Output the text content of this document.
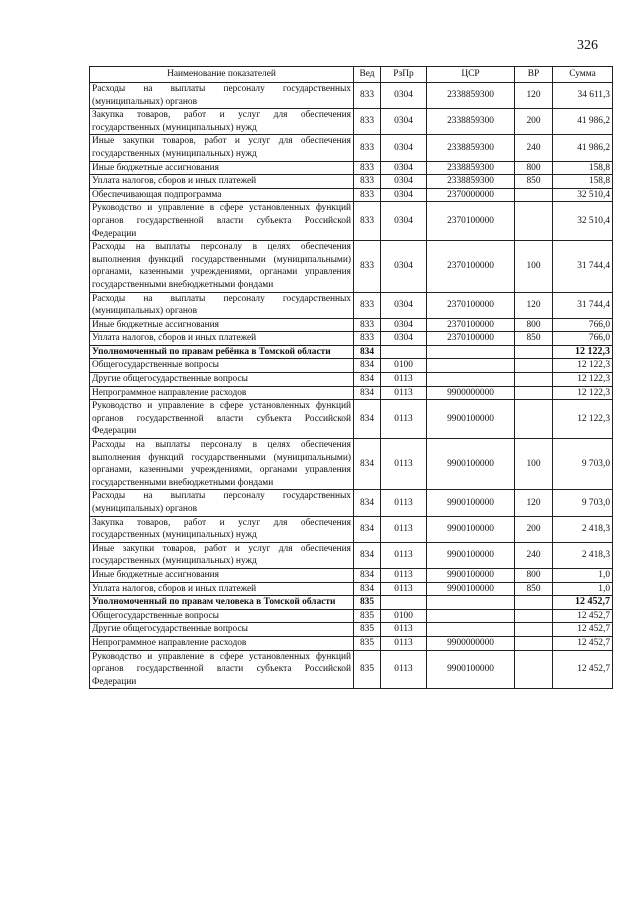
326
Наименование показателей	Вед	РзПр	ЦСР	ВР	Сумма
Расходы на выплаты персоналу государственных (муниципальных) органов	833	0304	2338859300	120	34 611,3
Закупка товаров, работ и услуг для обеспечения государственных (муниципальных) нужд	833	0304	2338859300	200	41 986,2
Иные закупки товаров, работ и услуг для обеспечения государственных (муниципальных) нужд	833	0304	2338859300	240	41 986,2
Иные бюджетные ассигнования	833	0304	2338859300	800	158,8
Уплата налогов, сборов и иных платежей	833	0304	2338859300	850	158,8
Обеспечивающая подпрограмма	833	0304	2370000000		32 510,4
Руководство и управление в сфере установленных функций органов государственной власти субъекта Российской Федерации	833	0304	2370100000		32 510,4
Расходы на выплаты персоналу в целях обеспечения выполнения функций государственными (муниципальными) органами, казенными учреждениями, органами управления государственными внебюджетными фондами	833	0304	2370100000	100	31 744,4
Расходы на выплаты персоналу государственных (муниципальных) органов	833	0304	2370100000	120	31 744,4
Иные бюджетные ассигнования	833	0304	2370100000	800	766,0
Уплата налогов, сборов и иных платежей	833	0304	2370100000	850	766,0
Уполномоченный по правам ребёнка в Томской области	834				12 122,3
Общегосударственные вопросы	834	0100			12 122,3
Другие общегосударственные вопросы	834	0113			12 122,3
Непрограммное направление расходов	834	0113	9900000000		12 122,3
Руководство и управление в сфере установленных функций органов государственной власти субъекта Российской Федерации	834	0113	9900100000		12 122,3
Расходы на выплаты персоналу в целях обеспечения выполнения функций государственными (муниципальными) органами, казенными учреждениями, органами управления государственными внебюджетными фондами	834	0113	9900100000	100	9 703,0
Расходы на выплаты персоналу государственных (муниципальных) органов	834	0113	9900100000	120	9 703,0
Закупка товаров, работ и услуг для обеспечения государственных (муниципальных) нужд	834	0113	9900100000	200	2 418,3
Иные закупки товаров, работ и услуг для обеспечения государственных (муниципальных) нужд	834	0113	9900100000	240	2 418,3
Иные бюджетные ассигнования	834	0113	9900100000	800	1,0
Уплата налогов, сборов и иных платежей	834	0113	9900100000	850	1,0
Уполномоченный по правам человека в Томской области	835				12 452,7
Общегосударственные вопросы	835	0100			12 452,7
Другие общегосударственные вопросы	835	0113			12 452,7
Непрограммное направление расходов	835	0113	9900000000		12 452,7
Руководство и управление в сфере установленных функций органов государственной власти субъекта Российской Федерации	835	0113	9900100000		12 452,7
